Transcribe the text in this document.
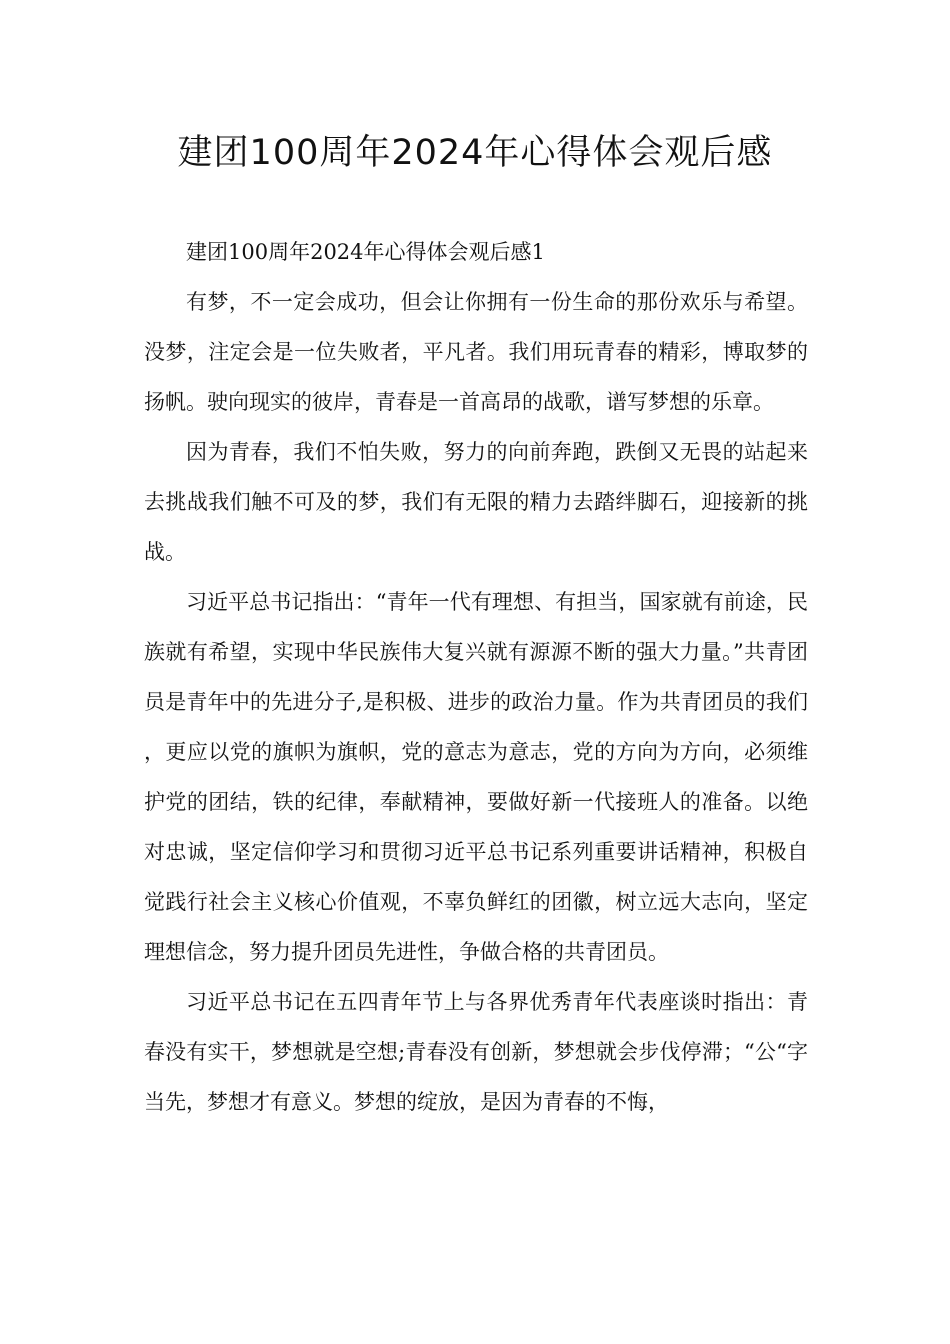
建团100周年2024年心得体会观后感

建团100周年2024年心得体会观后感1

有梦，不一定会成功，但会让你拥有一份生命的那份欢乐与希望。没梦，注定会是一位失败者，平凡者。我们用玩青春的精彩，博取梦的扬帆。驶向现实的彼岸，青春是一首高昂的战歌，谱写梦想的乐章。

因为青春，我们不怕失败，努力的向前奔跑，跌倒又无畏的站起来去挑战我们触不可及的梦，我们有无限的精力去踏绊脚石，迎接新的挑战。

习近平总书记指出：“青年一代有理想、有担当，国家就有前途，民族就有希望，实现中华民族伟大复兴就有源源不断的强大力量。”共青团员是青年中的先进分子,是积极、进步的政治力量。作为共青团员的我们，更应以党的旗帜为旗帜，党的意志为意志，党的方向为方向，必须维护党的团结，铁的纪律，奉献精神，要做好新一代接班人的准备。以绝对忠诚，坚定信仰学习和贯彻习近平总书记系列重要讲话精神，积极自觉践行社会主义核心价值观，不辜负鲜红的团徽，树立远大志向，坚定理想信念，努力提升团员先进性，争做合格的共青团员。

习近平总书记在五四青年节上与各界优秀青年代表座谈时指出：青春没有实干，梦想就是空想;青春没有创新，梦想就会步伐停滞；“公“字当先，梦想才有意义。梦想的绽放，是因为青春的不悔，
